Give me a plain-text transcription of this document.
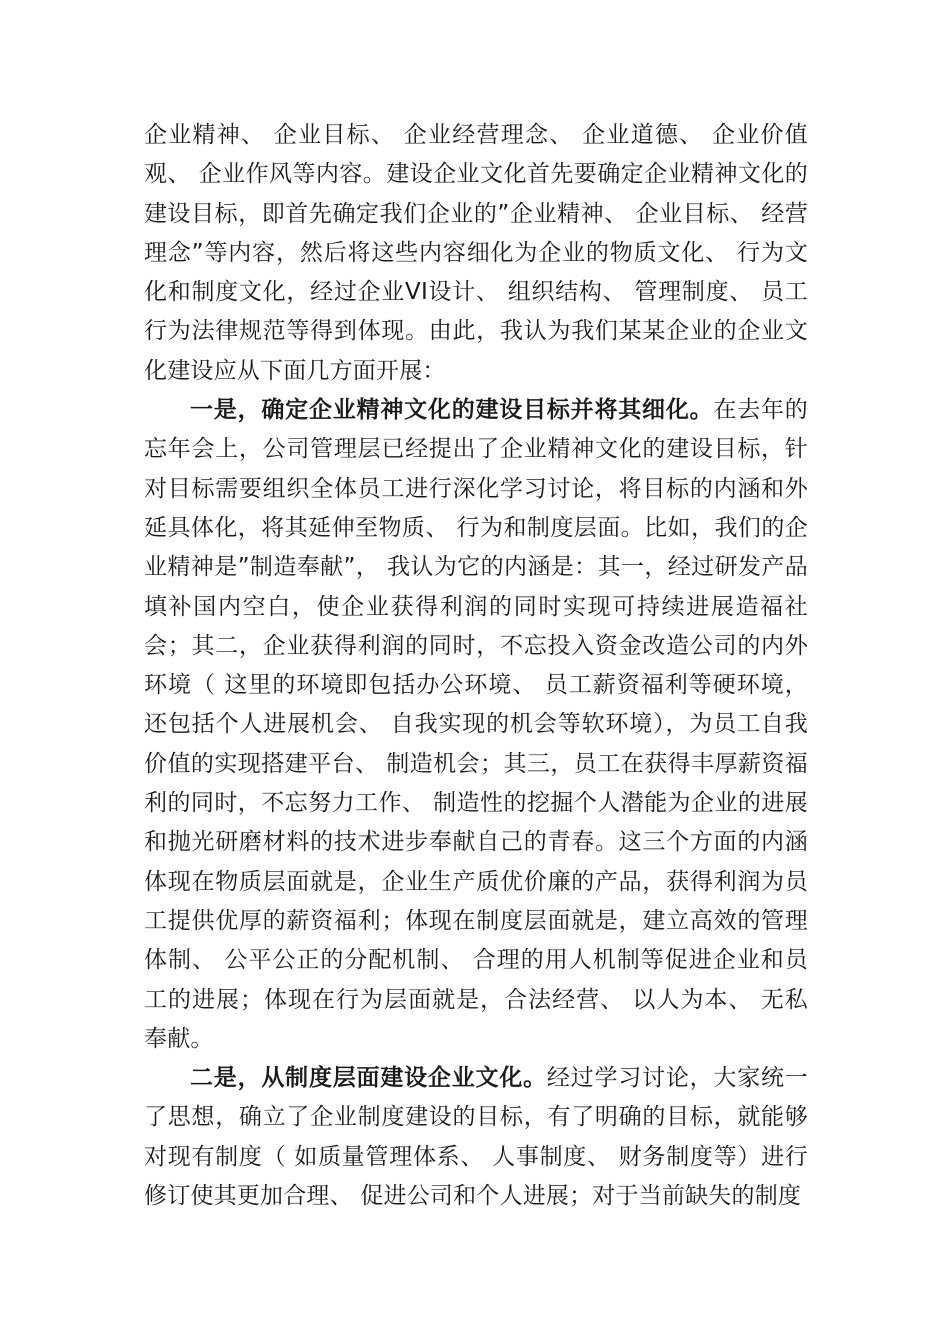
企业精神、 企业目标、 企业经营理念、 企业道德、 企业价值观、 企业作风等内容。建设企业文化首先要确定企业精神文化的建设目标，即首先确定我们企业的”企业精神、 企业目标、 经营理念”等内容，然后将这些内容细化为企业的物质文化、 行为文化和制度文化，经过企业VI设计、 组织结构、 管理制度、 员工行为法律规范等得到体现。由此，我认为我们某某企业的企业文化建设应从下面几方面开展：

一是，确定企业精神文化的建设目标并将其细化。在去年的忘年会上，公司管理层已经提出了企业精神文化的建设目标，针对目标需要组织全体员工进行深化学习讨论，将目标的内涵和外延具体化，将其延伸至物质、 行为和制度层面。比如，我们的企业精神是”制造奉献”， 我认为它的内涵是：其一，经过研发产品填补国内空白，使企业获得利润的同时实现可持续进展造福社会；其二，企业获得利润的同时，不忘投入资金改造公司的内外环境（ 这里的环境即包括办公环境、 员工薪资福利等硬环境，还包括个人进展机会、 自我实现的机会等软环境），为员工自我价值的实现搭建平台、 制造机会；其三，员工在获得丰厚薪资福利的同时，不忘努力工作、 制造性的挖掘个人潜能为企业的进展和抛光研磨材料的技术进步奉献自己的青春。这三个方面的内涵体现在物质层面就是，企业生产质优价廉的产品，获得利润为员工提供优厚的薪资福利；体现在制度层面就是，建立高效的管理体制、 公平公正的分配机制、 合理的用人机制等促进企业和员工的进展；体现在行为层面就是，合法经营、 以人为本、 无私奉献。

二是，从制度层面建设企业文化。经过学习讨论，大家统一了思想，确立了企业制度建设的目标，有了明确的目标，就能够对现有制度（ 如质量管理体系、 人事制度、 财务制度等）进行修订使其更加合理、 促进公司和个人进展；对于当前缺失的制度
